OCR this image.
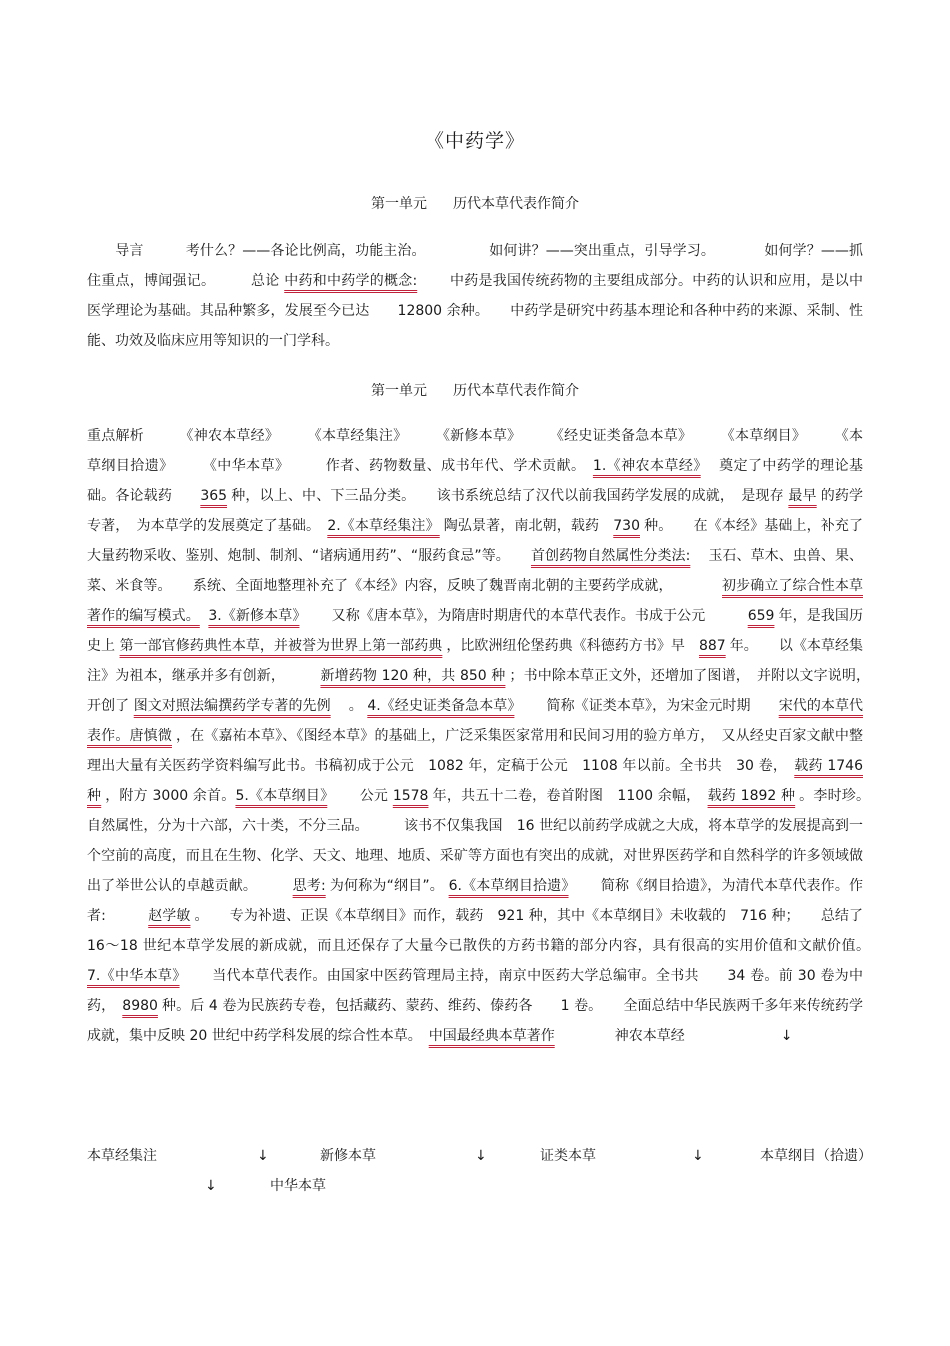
《中药学》
第一单元 历代本草代表作简介
　　导言　　　考什么？——各论比例高，功能主治。　　　　　如何讲？——突出重点，引导学习。　　　　如何学？——抓住重点，博闻强记。　　　总论 中药和中药学的概念:　　中药是我国传统药物的主要组成部分。中药的认识和应用，是以中医学理论为基础。其品种繁多，发展至今已达　　12800 余种。　　中药学是研究中药基本理论和各种中药的来源、采制、性能、功效及临床应用等知识的一门学科。
第一单元 历代本草代表作简介
重点解析　　　《神农本草经》　　　《本草经集注》　　　《新修本草》　　　《经史证类备急本草》　　　《本草纲目》　　　《本草纲目拾遗》　　　《中华本草》　　　作者、药物数量、成书年代、学术贡献。　1.《神农本草经》　奠定了中药学的理论基础。各论载药　　365 种，以上、中、下三品分类。　　该书系统总结了汉代以前我国药学发展的成就，　是现存 最早 的药学专著，　为本草学的发展奠定了基础。　2.《本草经集注》 陶弘景著，南北朝，载药　730 种。　　在《本经》基础上，补充了大量药物采收、鉴别、炮制、制剂、“诸病通用药”、“服药食忌”等。　　首创药物自然属性分类法:　玉石、草木、虫兽、果、菜、米食等。　　系统、全面地整理补充了《本经》内容，反映了魏晋南北朝的主要药学成就，　　　　初步确立了综合性本草著作的编写模式。 3.《新修本草》　　又称《唐本草》，为隋唐时期唐代的本草代表作。书成于公元　　　659 年，是我国历史上 第一部官修药典性本草，并被誉为世界上第一部药典 ，比欧洲纽伦堡药典《科德药方书》早　887 年。　　以《本草经集注》为祖本，继承并多有创新，　　　新增药物 120 种，共 850 种 ；书中除本草正文外，还增加了图谱，　并附以文字说明，　开创了 图文对照法编撰药学专著的先例　。 4.《经史证类备急本草》　　简称《证类本草》，为宋金元时期　　宋代的本草代表作。唐慎微 ，在《嘉祐本草》、《图经本草》的基础上，广泛采集医家常用和民间习用的验方单方，　又从经史百家文献中整理出大量有关医药学资料编写此书。书稿初成于公元　1082 年，定稿于公元　1108 年以前。全书共　30 卷，　载药 1746 种 ，附方 3000 余首。5.《本草纲目》　　公元 1578 年，共五十二卷，卷首附图　1100 余幅，　载药 1892 种 。李时珍。　　自然属性，分为十六部，六十类，不分三品。　　　该书不仅集我国　16 世纪以前药学成就之大成，将本草学的发展提高到一个空前的高度，而且在生物、化学、天文、地理、地质、采矿等方面也有突出的成就，对世界医药学和自然科学的许多领域做出了举世公认的卓越贡献。　　　思考: 为何称为“纲目”。 6.《本草纲目拾遗》　　简称《纲目拾遗》，为清代本草代表作。作者:　　　赵学敏 。　　专为补遗、正误《本草纲目》而作，载药　921 种，其中《本草纲目》未收载的　716 种；　　总结了 16～18 世纪本草学发展的新成就，而且还保存了大量今已散佚的方药书籍的部分内容，具有很高的实用价值和文献价值。　　　7.《中华本草》　　当代本草代表作。由国家中医药管理局主持，南京中医药大学总编审。全书共　　34 卷。前 30 卷为中药，　8980 种。后 4 卷为民族药专卷，包括藏药、蒙药、维药、傣药各　　1 卷。　　全面总结中华民族两千多年来传统药学成就，集中反映 20 世纪中药学科发展的综合性本草。　中国最经典本草著作　　　　	神农本草经	↓
本草经集注	↓	新修本草	↓	证类本草	↓	本草纲目（拾遗）
↓	中华本草
